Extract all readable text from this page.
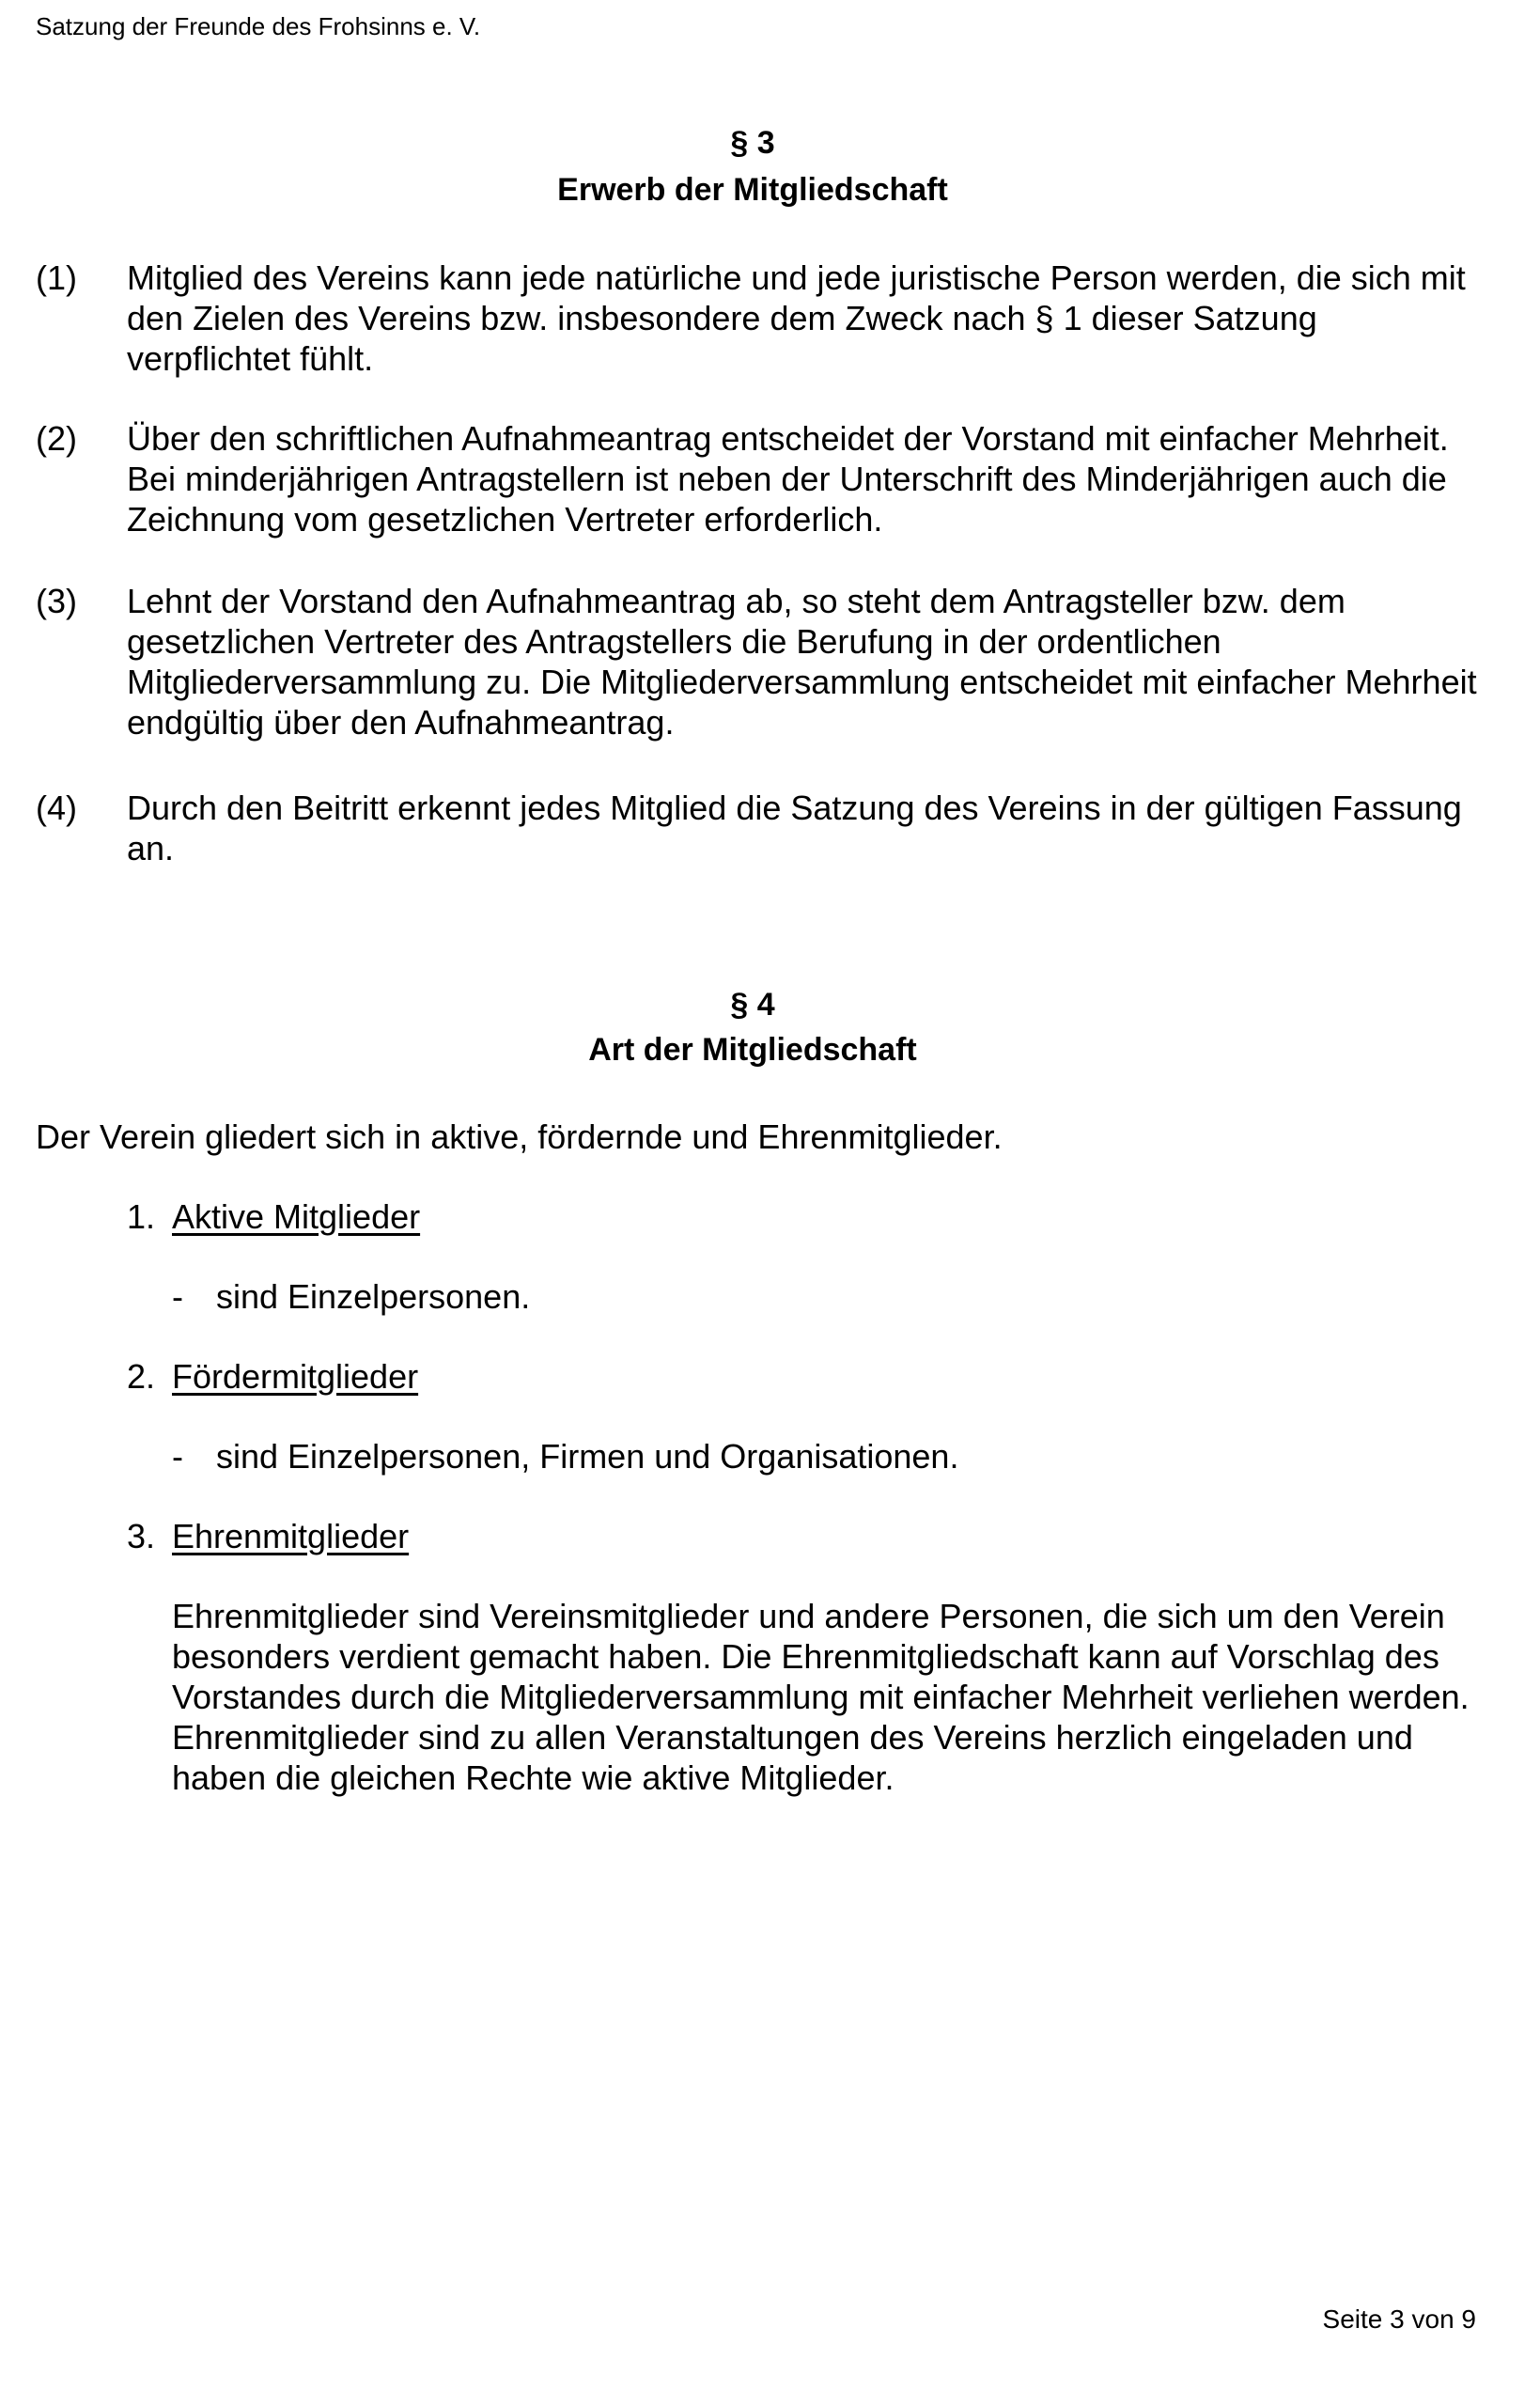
Satzung der Freunde des Frohsinns e. V.
§ 3
Erwerb der Mitgliedschaft
(1) Mitglied des Vereins kann jede natürliche und jede juristische Person werden, die sich mit den Zielen des Vereins bzw. insbesondere dem Zweck nach § 1 dieser Satzung verpflichtet fühlt.
(2) Über den schriftlichen Aufnahmeantrag entscheidet der Vorstand mit einfacher Mehrheit. Bei minderjährigen Antragstellern ist neben der Unterschrift des Minderjährigen auch die Zeichnung vom gesetzlichen Vertreter erforderlich.
(3) Lehnt der Vorstand den Aufnahmeantrag ab, so steht dem Antragsteller bzw. dem gesetzlichen Vertreter des Antragstellers die Berufung in der ordentlichen Mitgliederversammlung zu. Die Mitgliederversammlung entscheidet mit einfacher Mehrheit endgültig über den Aufnahmeantrag.
(4) Durch den Beitritt erkennt jedes Mitglied die Satzung des Vereins in der gültigen Fassung an.
§ 4
Art der Mitgliedschaft
Der Verein gliedert sich in aktive, fördernde und Ehrenmitglieder.
1. Aktive Mitglieder
- sind Einzelpersonen.
2. Fördermitglieder
- sind Einzelpersonen, Firmen und Organisationen.
3. Ehrenmitglieder
Ehrenmitglieder sind Vereinsmitglieder und andere Personen, die sich um den Verein besonders verdient gemacht haben. Die Ehrenmitgliedschaft kann auf Vorschlag des Vorstandes durch die Mitgliederversammlung mit einfacher Mehrheit verliehen werden. Ehrenmitglieder sind zu allen Veranstaltungen des Vereins herzlich eingeladen und haben die gleichen Rechte wie aktive Mitglieder.
Seite 3 von 9
